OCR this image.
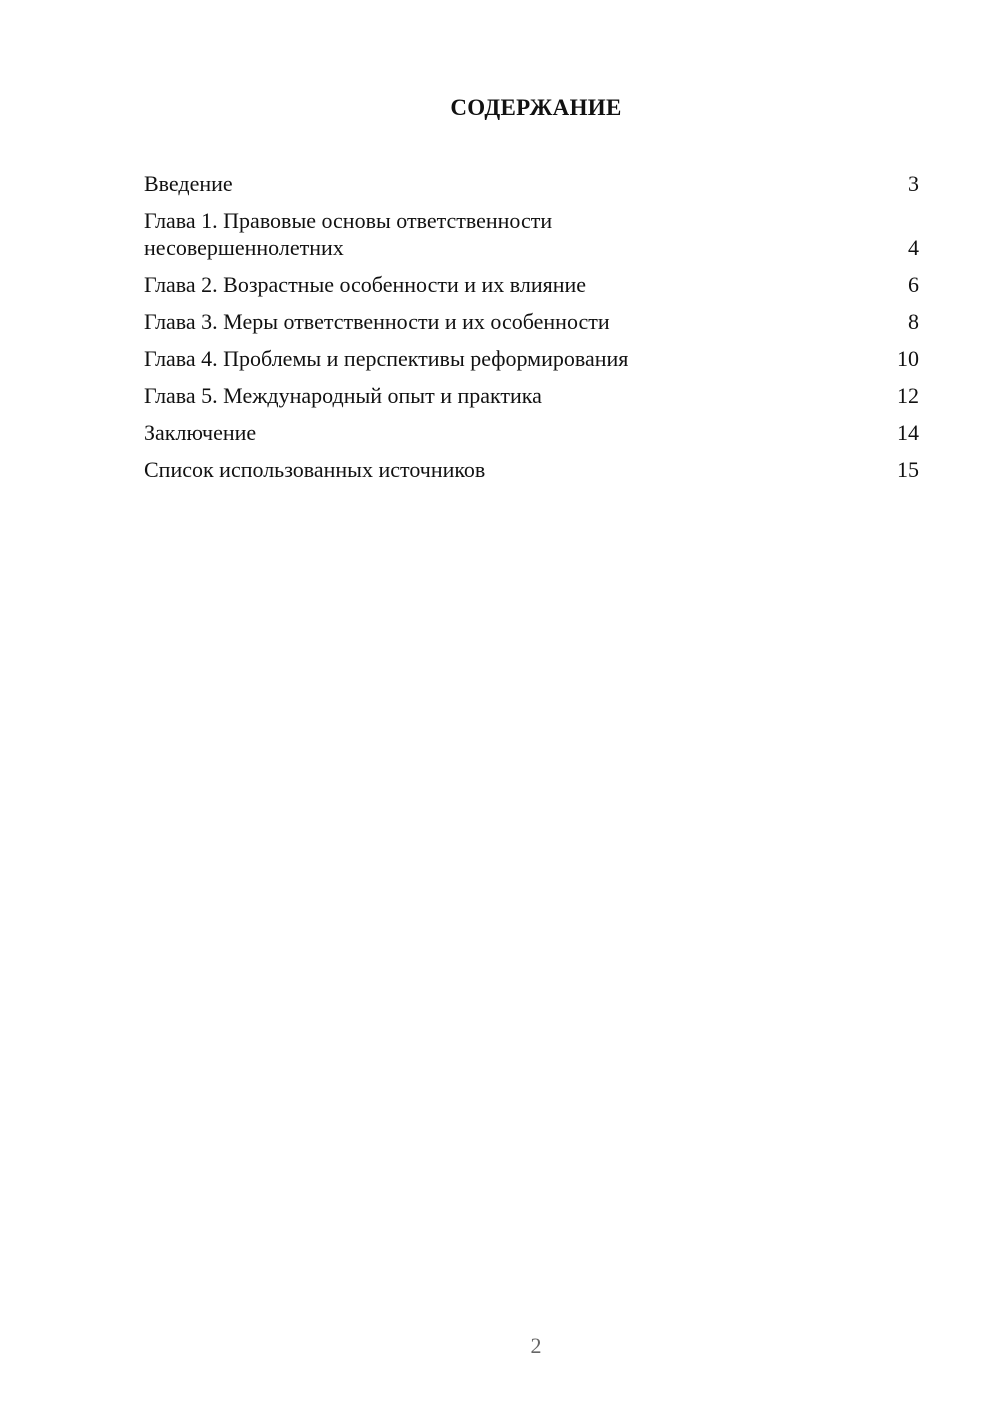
СОДЕРЖАНИЕ
Введение	3
Глава 1. Правовые основы ответственности несовершеннолетних	4
Глава 2. Возрастные особенности и их влияние	6
Глава 3. Меры ответственности и их особенности	8
Глава 4. Проблемы и перспективы реформирования	10
Глава 5. Международный опыт и практика	12
Заключение	14
Список использованных источников	15
2
